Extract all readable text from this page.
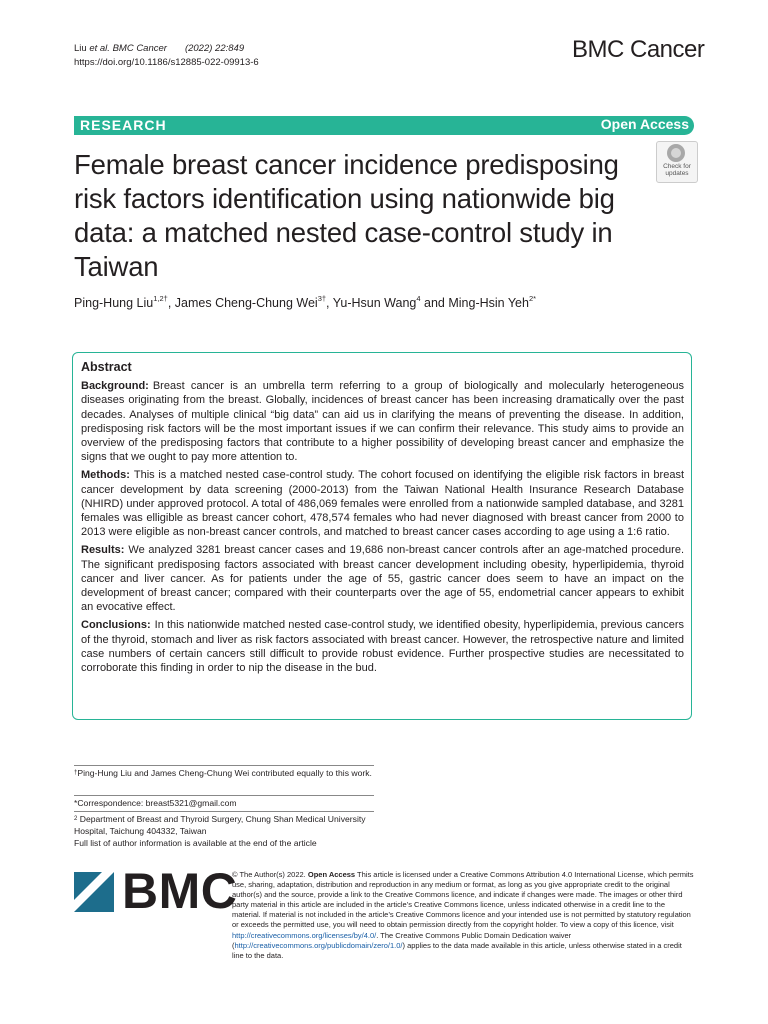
Liu et al. BMC Cancer (2022) 22:849
https://doi.org/10.1186/s12885-022-09913-6	BMC Cancer
RESEARCH	Open Access
Female breast cancer incidence predisposing risk factors identification using nationwide big data: a matched nested case-control study in Taiwan
Check for
updates
Ping-Hung Liu$^{1,2\dagger}$, James Cheng-Chung Wei$^{3\dagger}$, Yu-Hsun Wang$^4$ and Ming-Hsin Yeh$^{2*}$
Abstract

Background: Breast cancer is an umbrella term referring to a group of biologically and molecularly heterogeneous diseases originating from the breast. Globally, incidences of breast cancer has been increasing dramatically over the past decades. Analyses of multiple clinical “big data” can aid us in clarifying the means of preventing the disease. In addition, predisposing risk factors will be the most important issues if we can confirm their relevance. This study aims to provide an overview of the predisposing factors that contribute to a higher possibility of developing breast cancer and emphasize the signs that we ought to pay more attention to.

Methods: This is a matched nested case-control study. The cohort focused on identifying the eligible risk factors in breast cancer development by data screening (2000-2013) from the Taiwan National Health Insurance Research Database (NHIRD) under approved protocol. A total of 486,069 females were enrolled from a nationwide sampled database, and 3281 females was elligible as breast cancer cohort, 478,574 females who had never diagnosed with breast cancer from 2000 to 2013 were eligible as non-breast cancer controls, and matched to breast cancer cases according to age using a 1:6 ratio.

Results: We analyzed 3281 breast cancer cases and 19,686 non-breast cancer controls after an age-matched procedure. The significant predisposing factors associated with breast cancer development including obesity, hyperlipidemia, thyroid cancer and liver cancer. As for patients under the age of 55, gastric cancer does seem to have an impact on the development of breast cancer; compared with their counterparts over the age of 55, endometrial cancer appears to exhibit an evocative effect.

Conclusions: In this nationwide matched nested case-control study, we identified obesity, hyperlipidemia, previous cancers of the thyroid, stomach and liver as risk factors associated with breast cancer. However, the retrospective nature and limited case numbers of certain cancers still difficult to provide robust evidence. Further prospective studies are necessitated to corroborate this finding in order to nip the disease in the bud.

†Ping-Hung Liu and James Cheng-Chung Wei contributed equally to this work.
*Correspondence: breast5321@gmail.com
$^2$ Department of Breast and Thyroid Surgery, Chung Shan Medical University Hospital, Taichung 404332, Taiwan
Full list of author information is available at the end of the article
BMC
© The Author(s) 2022. Open Access This article is licensed under a Creative Commons Attribution 4.0 International License, which permits use, sharing, adaptation, distribution and reproduction in any medium or format, as long as you give appropriate credit to the original author(s) and the source, provide a link to the Creative Commons licence, and indicate if changes were made. The images or other third party material in this article are included in the article’s Creative Commons licence, unless indicated otherwise in a credit line to the material. If material is not included in the article’s Creative Commons licence and your intended use is not permitted by statutory regulation or exceeds the permitted use, you will need to obtain permission directly from the copyright holder. To view a copy of this licence, visit http://creativecommons.org/licenses/by/4.0/. The Creative Commons Public Domain Dedication waiver (http://creativecommons.org/publicdomain/zero/1.0/) applies to the data made available in this article, unless otherwise stated in a credit line to the data.
